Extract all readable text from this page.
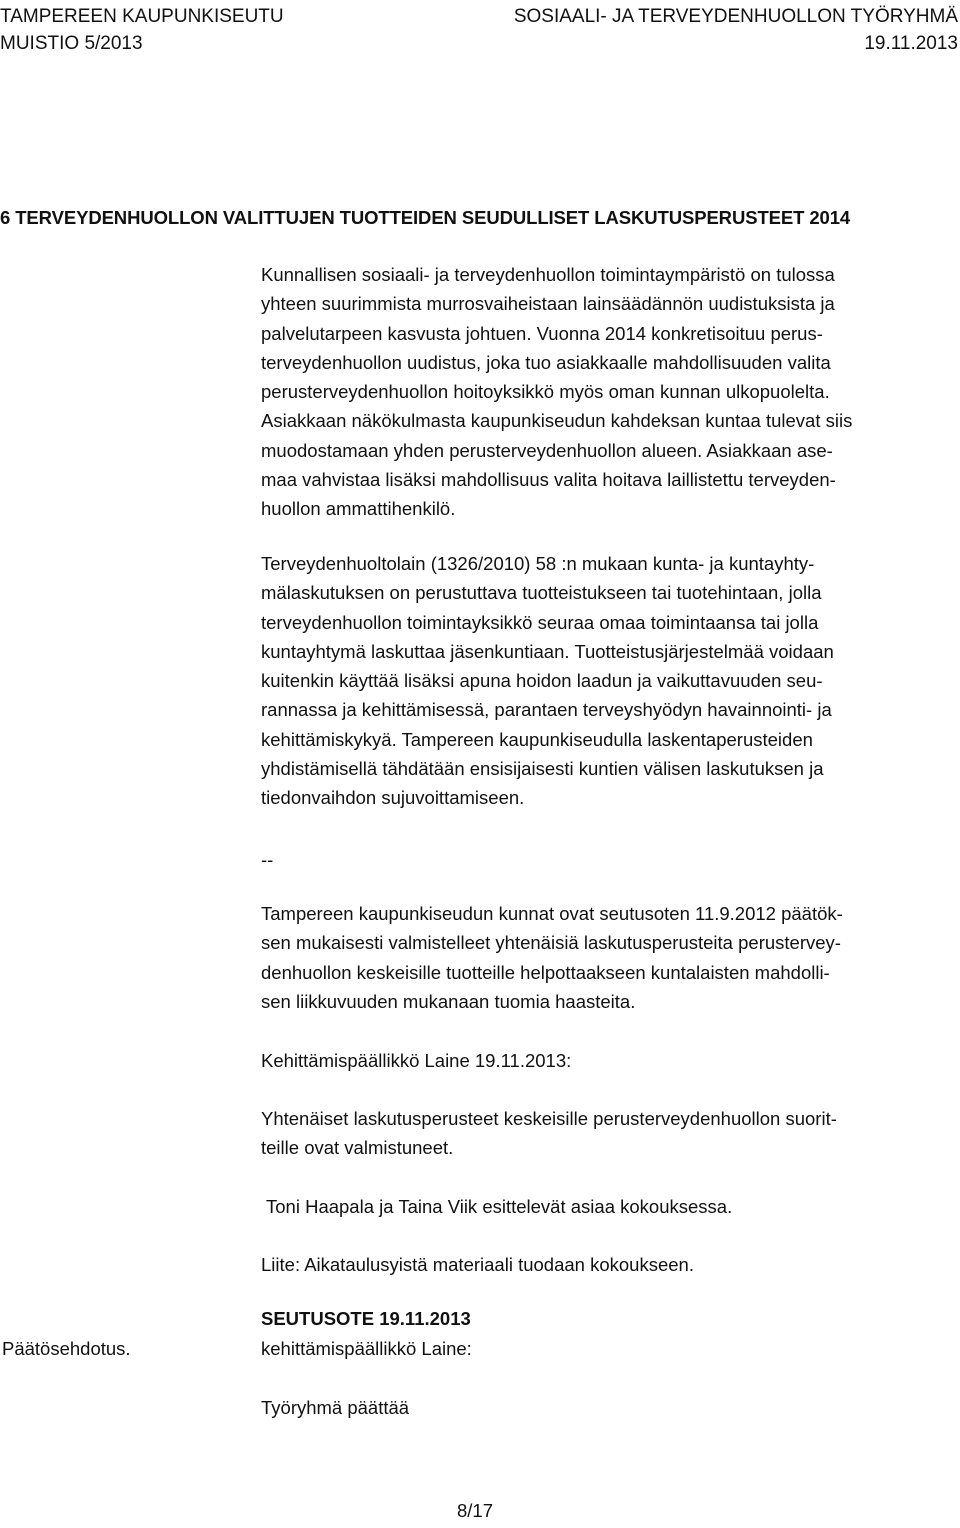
TAMPEREEN KAUPUNKISEUTU	SOSIAALI- JA TERVEYDENHUOLLON TYÖRYHMÄ
MUISTIO 5/2013	19.11.2013
6 TERVEYDENHUOLLON VALITTUJEN TUOTTEIDEN SEUDULLISET LASKUTUSPERUSTEET 2014
Kunnallisen sosiaali- ja terveydenhuollon toimintaympäristö on tulossa
yhteen suurimmista murrosvaiheistaan lainsäädännön uudistuksista ja
palvelutarpeen kasvusta johtuen. Vuonna 2014 konkretisoituu perus-
terveydenhuollon uudistus, joka tuo asiakkaalle mahdollisuuden valita
perusterveydenhuollon hoitoyksikkö myös oman kunnan ulkopuolelta.
Asiakkaan näkökulmasta kaupunkiseudun kahdeksan kuntaa tulevat siis
muodostamaan yhden perusterveydenhuollon alueen. Asiakkaan ase-
maa vahvistaa lisäksi mahdollisuus valita hoitava laillistettu terveyden-
huollon ammattihenkilö.
Terveydenhuoltolain (1326/2010) 58 :n mukaan kunta- ja kuntayhty-
mälaskutuksen on perustuttava tuotteistukseen tai tuotehintaan, jolla
terveydenhuollon toimintayksikkö seuraa omaa toimintaansa tai jolla
kuntayhtymä laskuttaa jäsenkuntiaan. Tuotteistusjärjestelmää voidaan
kuitenkin käyttää lisäksi apuna hoidon laadun ja vaikuttavuuden seu-
rannassa ja kehittämisessä, parantaen terveyshyödyn havainnointi- ja
kehittämiskykyä. Tampereen kaupunkiseudulla laskentaperusteiden
yhdistämisellä tähdätään ensisijaisesti kuntien välisen laskutuksen ja
tiedonvaihdon sujuvoittamiseen.
--
Tampereen kaupunkiseudun kunnat ovat seutusoten 11.9.2012 päätök-
sen mukaisesti valmistelleet yhtenäisiä laskutusperusteita perustervey-
denhuollon keskeisille tuotteille helpottaakseen kuntalaisten mahdolli-
sen liikkuvuuden mukanaan tuomia haasteita.
Kehittämispäällikkö Laine 19.11.2013:
Yhtenäiset laskutusperusteet keskeisille perusterveydenhuollon suorit-
teille ovat valmistuneet.
Toni Haapala ja Taina Viik esittelevät asiaa kokouksessa.
Liite: Aikataulusyistä materiaali tuodaan kokoukseen.
SEUTUSOTE 19.11.2013
Päätösehdotus.	kehittämispäällikkö Laine:
Työryhmä päättää
8/17
